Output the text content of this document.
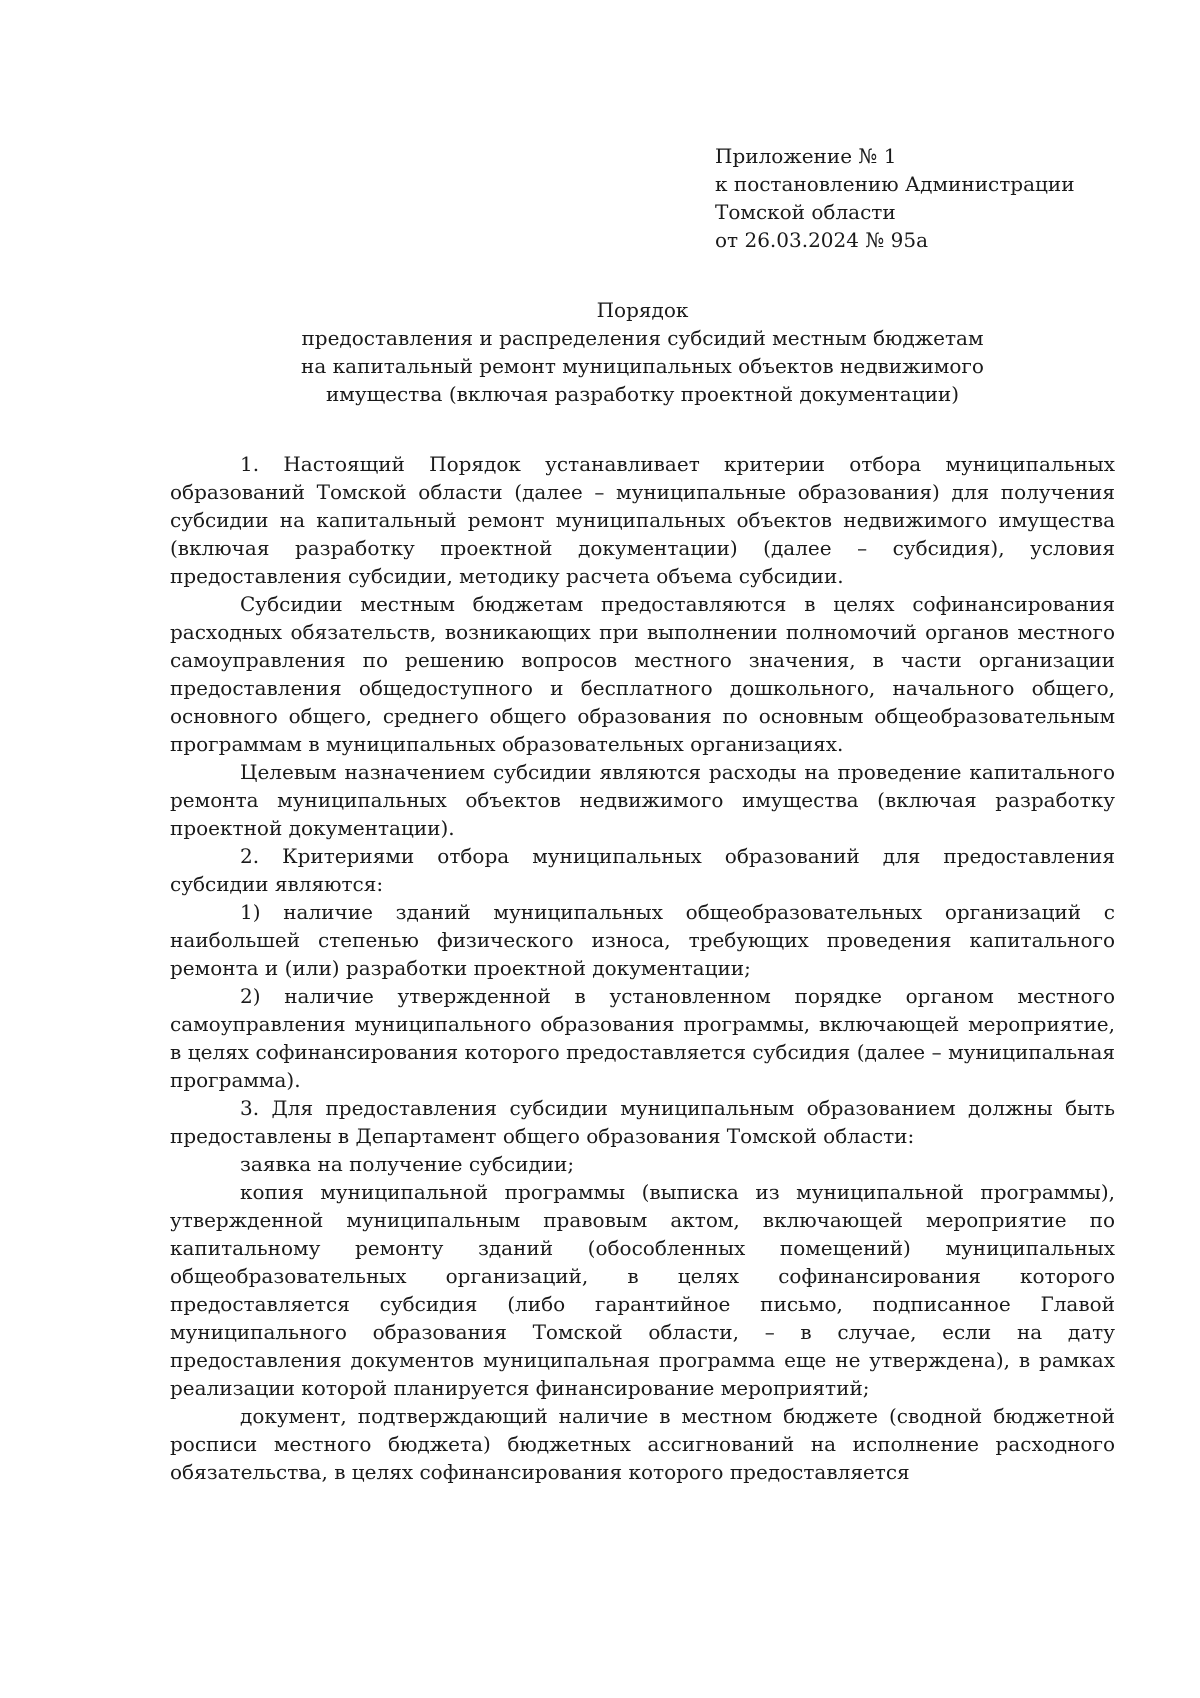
Приложение № 1
к постановлению Администрации
Томской области
от 26.03.2024 № 95а
Порядок
предоставления и распределения субсидий местным бюджетам
на капитальный ремонт муниципальных объектов недвижимого
имущества (включая разработку проектной документации)

1. Настоящий Порядок устанавливает критерии отбора муниципальных образований Томской области (далее – муниципальные образования) для получения субсидии на капитальный ремонт муниципальных объектов недвижимого имущества (включая разработку проектной документации) (далее – субсидия), условия предоставления субсидии, методику расчета объема субсидии.

Субсидии местным бюджетам предоставляются в целях софинансирования расходных обязательств, возникающих при выполнении полномочий органов местного самоуправления по решению вопросов местного значения, в части организации предоставления общедоступного и бесплатного дошкольного, начального общего, основного общего, среднего общего образования по основным общеобразовательным программам в муниципальных образовательных организациях.

Целевым назначением субсидии являются расходы на проведение капитального ремонта муниципальных объектов недвижимого имущества (включая разработку проектной документации).

2. Критериями отбора муниципальных образований для предоставления субсидии являются:

1) наличие зданий муниципальных общеобразовательных организаций с наибольшей степенью физического износа, требующих проведения капитального ремонта и (или) разработки проектной документации;

2) наличие утвержденной в установленном порядке органом местного самоуправления муниципального образования программы, включающей мероприятие, в целях софинансирования которого предоставляется субсидия (далее – муниципальная программа).

3. Для предоставления субсидии муниципальным образованием должны быть предоставлены в Департамент общего образования Томской области:

заявка на получение субсидии;

копия муниципальной программы (выписка из муниципальной программы), утвержденной муниципальным правовым актом, включающей мероприятие по капитальному ремонту зданий (обособленных помещений) муниципальных общеобразовательных организаций, в целях софинансирования которого предоставляется субсидия (либо гарантийное письмо, подписанное Главой муниципального образования Томской области, – в случае, если на дату предоставления документов муниципальная программа еще не утверждена), в рамках реализации которой планируется финансирование мероприятий;

документ, подтверждающий наличие в местном бюджете (сводной бюджетной росписи местного бюджета) бюджетных ассигнований на исполнение расходного обязательства, в целях софинансирования которого предоставляется
